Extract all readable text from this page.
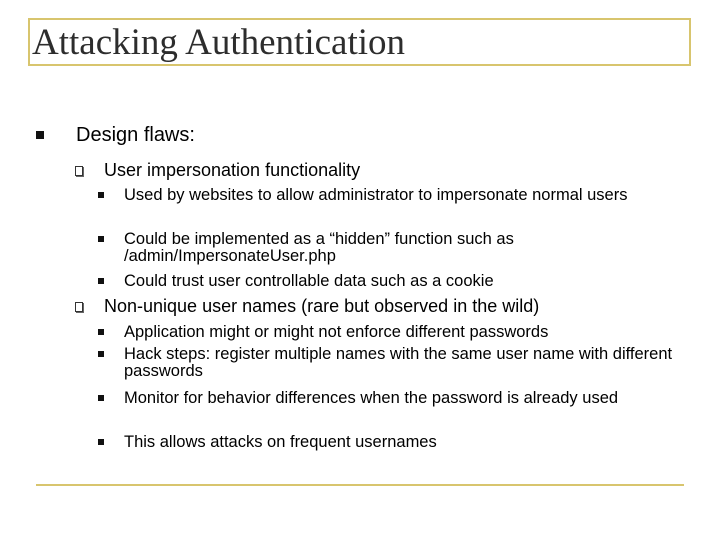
Attacking Authentication
Design flaws:
User impersonation functionality
Used by websites to allow administrator to impersonate normal users
Could be implemented as a “hidden” function such as /admin/ImpersonateUser.php
Could trust user controllable data such as a cookie
Non-unique user names (rare but observed in the wild)
Application might or might not enforce different passwords
Hack steps: register multiple names with the same user name with different passwords
Monitor for behavior differences when the password is already used
This allows attacks on frequent usernames
